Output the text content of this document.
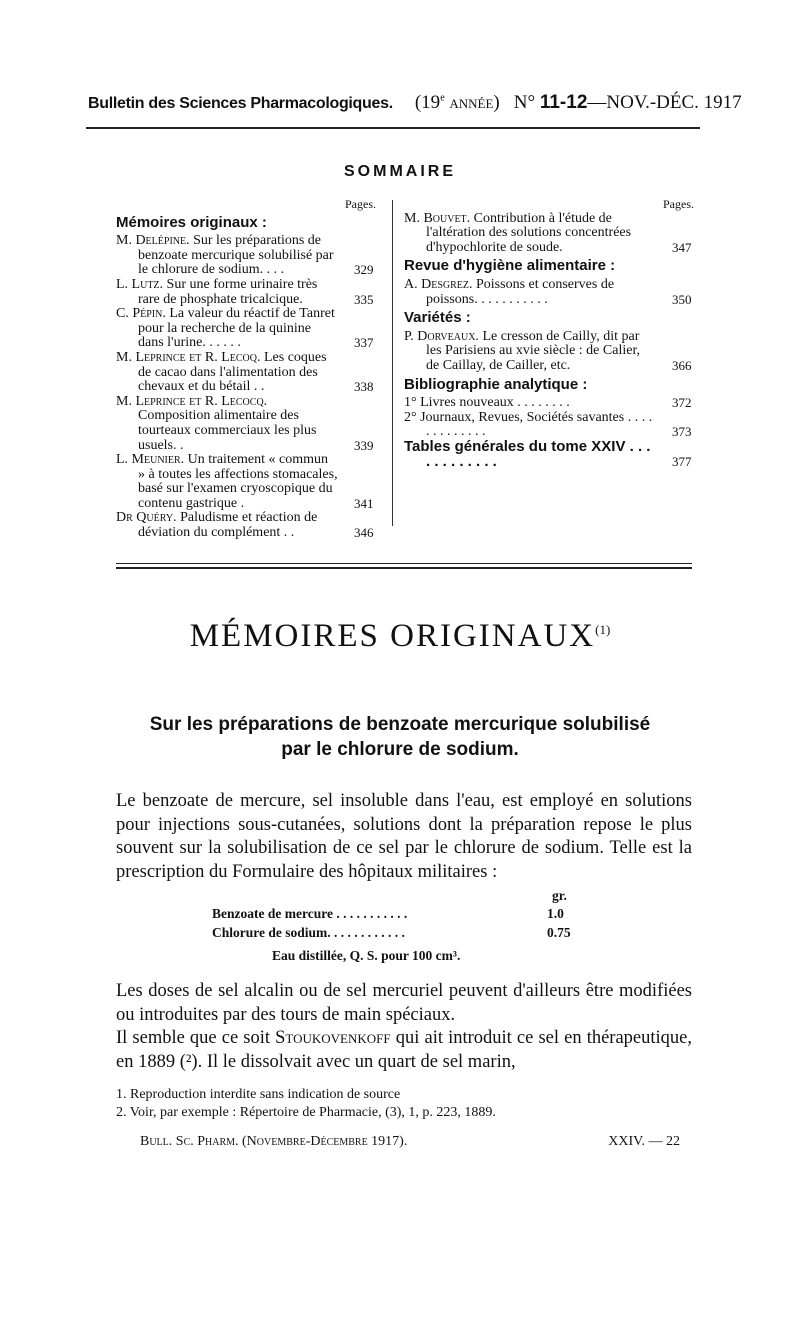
Bulletin des Sciences Pharmacologiques. (19e année) N° 11-12—NOV.-DÉC. 1917
SOMMAIRE
Pages.
Mémoires originaux :
M. Delépine. Sur les préparations de benzoate mercurique solubilisé par le chlorure de sodium. . . .	329
L. Lutz. Sur une forme urinaire très rare de phosphate tricalcique.	335
C. Pépin. La valeur du réactif de Tanret pour la recherche de la quinine dans l'urine. . . . . .	337
M. Leprince et R. Lecoq. Les coques de cacao dans l'alimentation des chevaux et du bétail . .	338
M. Leprince et R. Lecocq. Composition alimentaire des tourteaux commerciaux les plus usuels. .	339
L. Meunier. Un traitement « commun » à toutes les affections stomacales, basé sur l'examen cryoscopique du contenu gastrique .	341
Dr Quéry. Paludisme et réaction de déviation du complément . .	346
Pages.
M. Bouvet. Contribution à l'étude de l'altération des solutions concentrées d'hypochlorite de soude.	347
Revue d'hygiène alimentaire :
A. Desgrez. Poissons et conserves de poissons. . . . . . . . . . .	350
Variétés :
P. Dorveaux. Le cresson de Cailly, dit par les Parisiens au xvie siècle : de Calier, de Caillay, de Cailler, etc.	366
Bibliographie analytique :
1° Livres nouveaux . . . . . . . .	372
2° Journaux, Revues, Sociétés savantes . . . . . . . . . . . . .	373
Tables générales du tome XXIV . . . . . . . . . . . .	377
MÉMOIRES ORIGINAUX$^{(1)}$
Sur les préparations de benzoate mercurique solubilisé
par le chlorure de sodium.

Le benzoate de mercure, sel insoluble dans l'eau, est employé en solutions pour injections sous-cutanées, solutions dont la préparation repose le plus souvent sur la solubilisation de ce sel par le chlorure de sodium. Telle est la prescription du Formulaire des hôpitaux militaires :

gr.
Benzoate de mercure . . . . . . . . . . .	1.0
Chlorure de sodium. . . . . . . . . . . .	0.75
Eau distillée, Q. S. pour 100 cm³.

Les doses de sel alcalin ou de sel mercuriel peuvent d'ailleurs être modifiées ou introduites par des tours de main spéciaux.

Il semble que ce soit Stoukovenkoff qui ait introduit ce sel en thérapeutique, en 1889 (²). Il le dissolvait avec un quart de sel marin,

1. Reproduction interdite sans indication de source
2. Voir, par exemple : Répertoire de Pharmacie, (3), 1, p. 223, 1889.
Bull. Sc. Pharm. (Novembre-Décembre 1917).	XXIV. — 22
